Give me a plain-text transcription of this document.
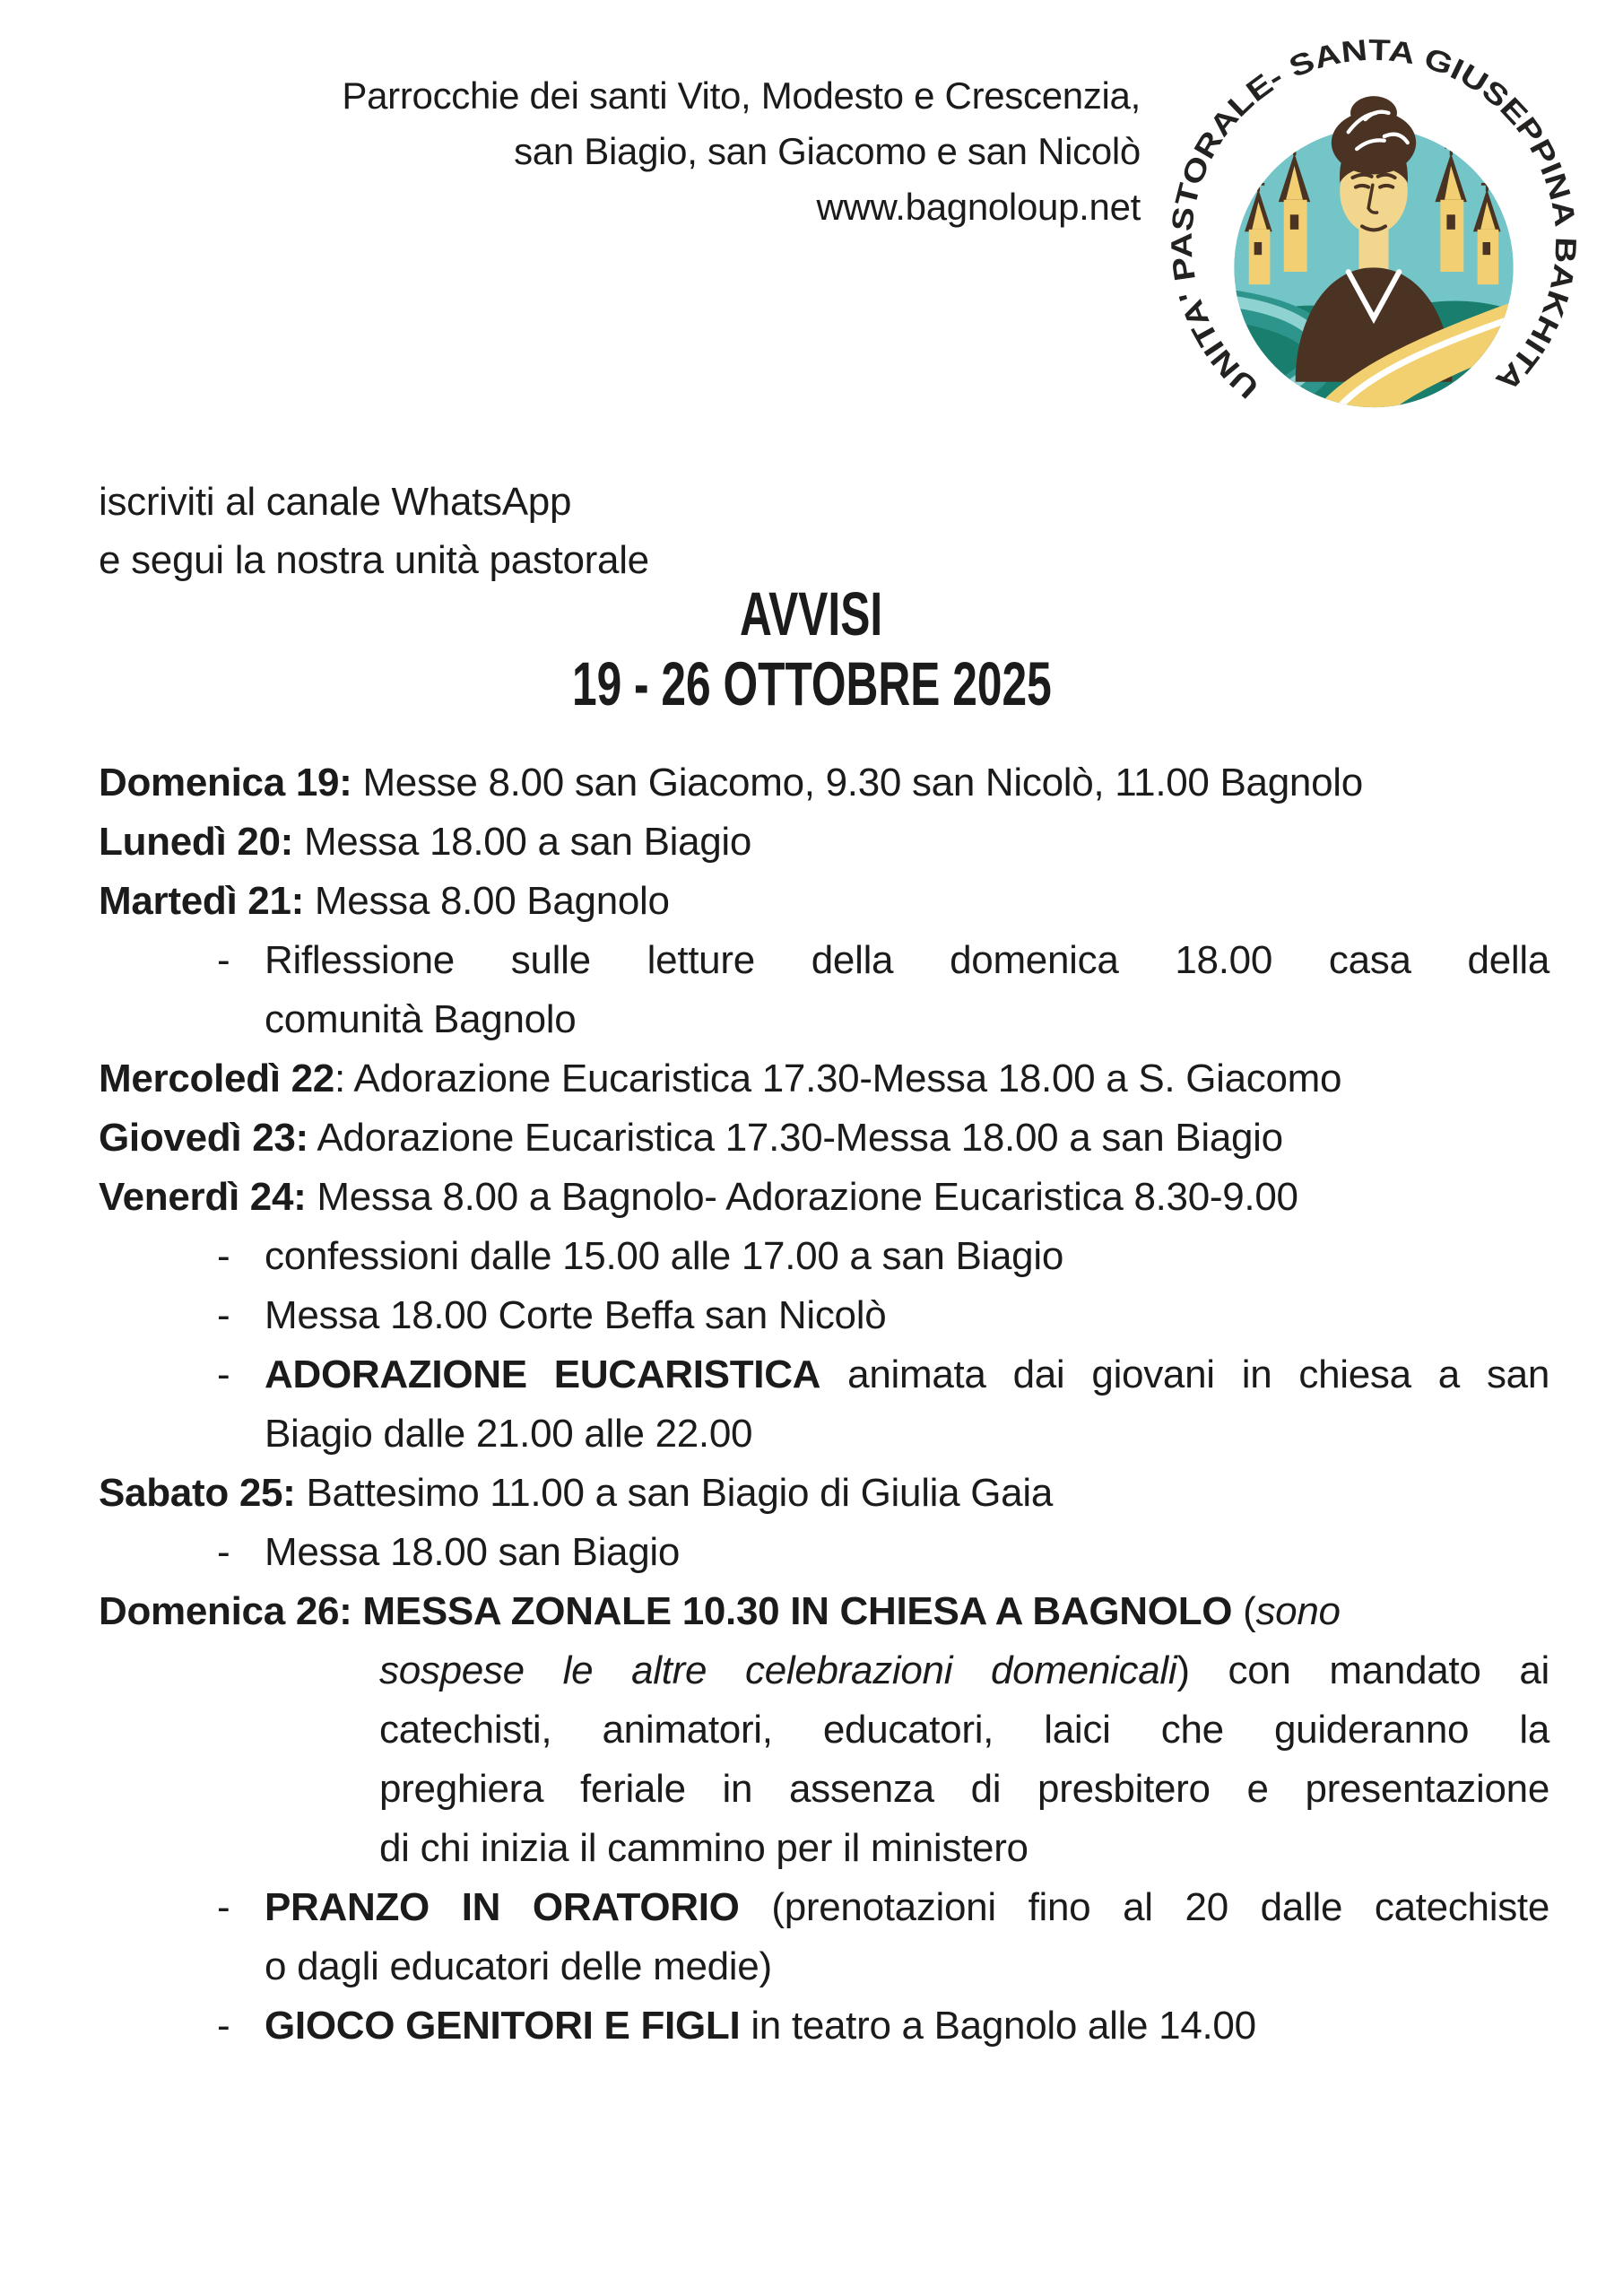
Parrocchie dei santi Vito, Modesto e Crescenzia,
san Biagio, san Giacomo e san Nicolò
www.bagnoloup.net
UNITA' PASTORALE- SANTA GIUSEPPINA BAKHITA
iscriviti al canale WhatsApp
e segui la nostra unità pastorale
AVVISI
19 - 26 OTTOBRE 2025
Domenica 19: Messe 8.00 san Giacomo, 9.30 san Nicolò, 11.00 Bagnolo
Lunedì 20: Messa 18.00 a san Biagio
Martedì 21: Messa 8.00 Bagnolo
- Riflessione sulle letture della domenica 18.00 casa della
comunità Bagnolo
Mercoledì 22: Adorazione Eucaristica 17.30-Messa 18.00 a S. Giacomo
Giovedì 23: Adorazione Eucaristica 17.30-Messa 18.00 a san Biagio
Venerdì 24: Messa 8.00 a Bagnolo- Adorazione Eucaristica 8.30-9.00
- confessioni dalle 15.00 alle 17.00 a san Biagio
- Messa 18.00 Corte Beffa san Nicolò
- ADORAZIONE EUCARISTICA animata dai giovani in chiesa a san
Biagio dalle 21.00 alle 22.00
Sabato 25: Battesimo 11.00 a san Biagio di Giulia Gaia
- Messa 18.00 san Biagio
Domenica 26: MESSA ZONALE 10.30 IN CHIESA A BAGNOLO (sono
sospese le altre celebrazioni domenicali) con mandato ai
catechisti, animatori, educatori, laici che guideranno la
preghiera feriale in assenza di presbitero e presentazione
di chi inizia il cammino per il ministero
- PRANZO IN ORATORIO (prenotazioni fino al 20 dalle catechiste
o dagli educatori delle medie)
- GIOCO GENITORI E FIGLI in teatro a Bagnolo alle 14.00
